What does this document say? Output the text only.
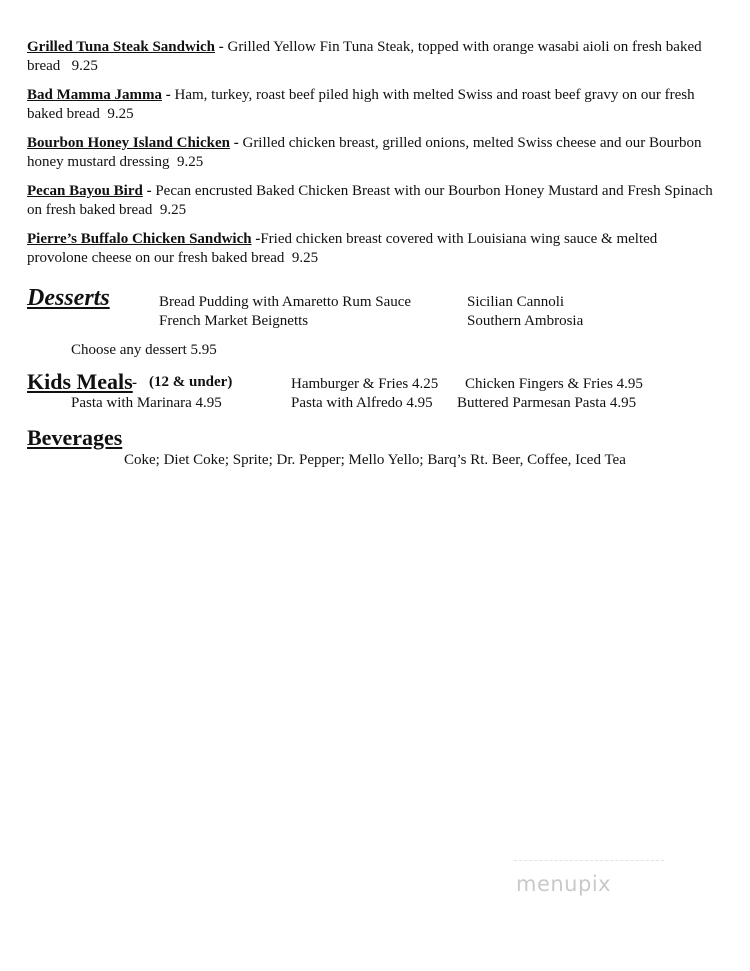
Grilled Tuna Steak Sandwich - Grilled Yellow Fin Tuna Steak, topped with orange wasabi aioli on fresh baked bread 9.25
Bad Mamma Jamma - Ham, turkey, roast beef piled high with melted Swiss and roast beef gravy on our fresh baked bread 9.25
Bourbon Honey Island Chicken - Grilled chicken breast, grilled onions, melted Swiss cheese and our Bourbon honey mustard dressing 9.25
Pecan Bayou Bird - Pecan encrusted Baked Chicken Breast with our Bourbon Honey Mustard and Fresh Spinach on fresh baked bread 9.25
Pierre’s Buffalo Chicken Sandwich -Fried chicken breast covered with Louisiana wing sauce & melted provolone cheese on our fresh baked bread 9.25
Desserts	Bread Pudding with Amaretto Rum Sauce	Sicilian Cannoli
French Market Beignetts	Southern Ambrosia
Choose any dessert 5.95
Kids Meals - (12 & under)	Hamburger & Fries 4.25 Chicken Fingers & Fries 4.95
Pasta with Marinara 4.95	Pasta with Alfredo 4.95 Buttered Parmesan Pasta 4.95
Beverages
Coke; Diet Coke; Sprite; Dr. Pepper; Mello Yello; Barq’s Rt. Beer, Coffee, Iced Tea
menupix
